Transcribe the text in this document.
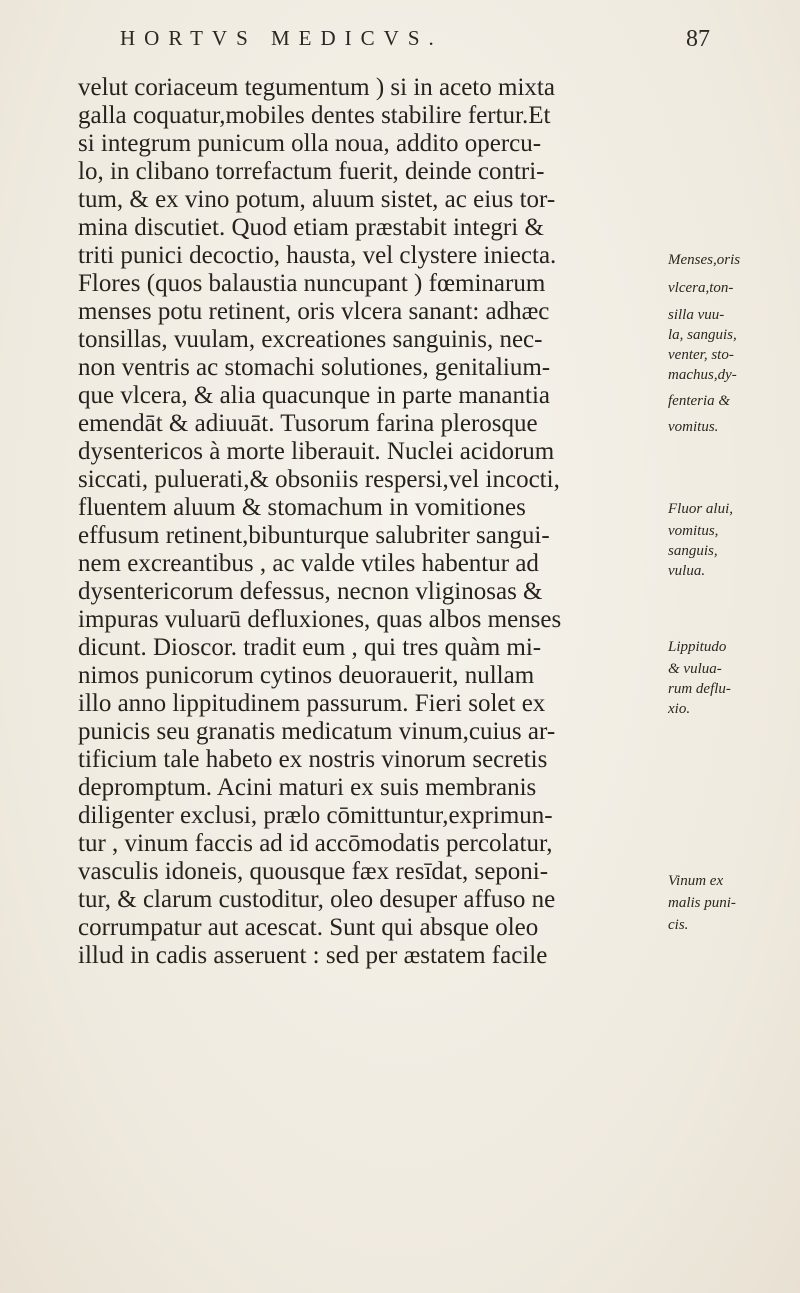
HORTVS MEDICVS.	87
velut coriaceum tegumentum ) si in aceto mixta
galla coquatur,mobiles dentes stabilire fertur.Et
si integrum punicum olla noua, addito opercu-
lo, in clibano torrefactum fuerit, deinde contri-
tum, & ex vino potum, aluum sistet, ac eius tor-
mina discutiet. Quod etiam præstabit integri &
triti punici decoctio, hausta, vel clystere iniecta.
Flores (quos balaustia nuncupant ) fœminarum
menses potu retinent, oris vlcera sanant: adhæc
tonsillas, vuulam, excreationes sanguinis, nec-
non ventris ac stomachi solutiones, genitalium-
que vlcera, & alia quacunque in parte manantia
emendāt & adiuuāt. Tusorum farina plerosque
dysentericos à morte liberauit. Nuclei acidorum
siccati, puluerati,& obsoniis respersi,vel incocti,
fluentem aluum & stomachum in vomitiones
effusum retinent,bibunturque salubriter sangui-
nem excreantibus , ac valde vtiles habentur ad
dysentericorum defessus, necnon vliginosas &
impuras vuluarū defluxiones, quas albos menses
dicunt. Dioscor. tradit eum , qui tres quàm mi-
nimos punicorum cytinos deuorauerit, nullam
illo anno lippitudinem passurum. Fieri solet ex
punicis seu granatis medicatum vinum,cuius ar-
tificium tale habeto ex nostris vinorum secretis
depromptum. Acini maturi ex suis membranis
diligenter exclusi, prælo cōmittuntur,exprimun-
tur , vinum faccis ad id accōmodatis percolatur,
vasculis idoneis, quousque fæx resīdat, seponi-
tur, & clarum custoditur, oleo desuper affuso ne
corrumpatur aut acescat. Sunt qui absque oleo
illud in cadis asseruent : sed per æstatem facile
Menses,oris
vlcera,ton-
silla vuu-
la, sanguis,
venter, sto-
machus,dy-
fenteria &
vomitus.
Fluor alui,
vomitus,
sanguis,
vulua.
Lippitudo
& vulua-
rum deflu-
xio.
Vinum ex
malis puni-
cis.
